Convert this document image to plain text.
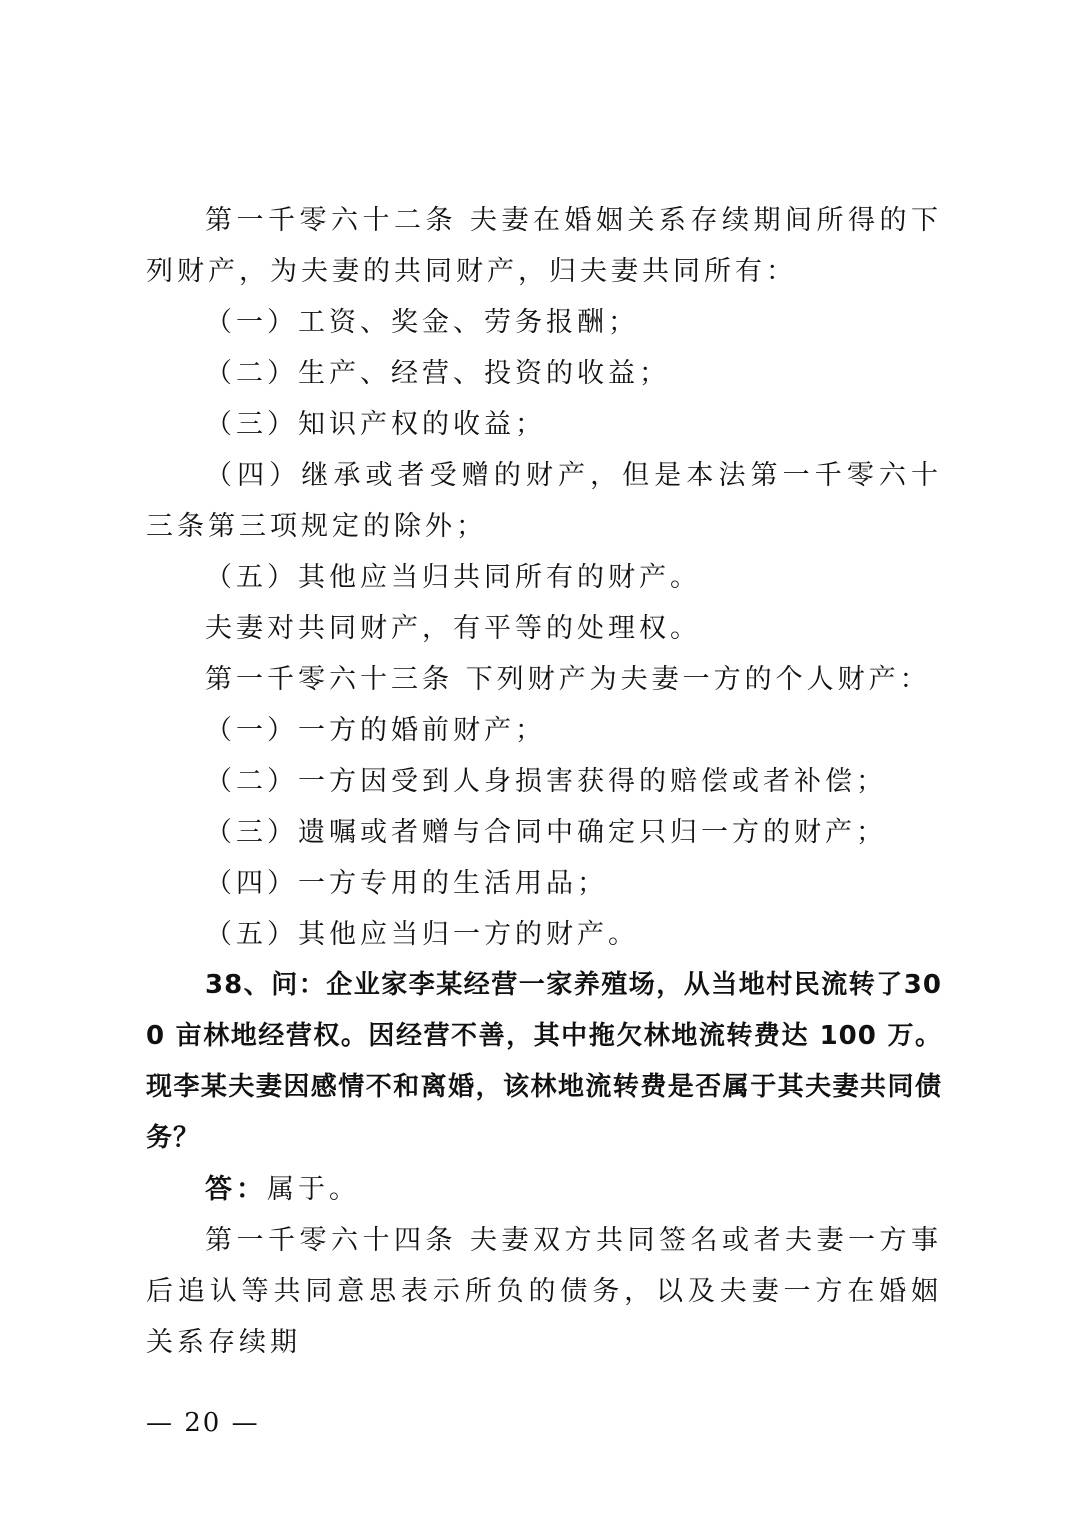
第一千零六十二条 夫妻在婚姻关系存续期间所得的下列财产，为夫妻的共同财产，归夫妻共同所有：

（一）工资、奖金、劳务报酬；

（二）生产、经营、投资的收益；

（三）知识产权的收益；

（四）继承或者受赠的财产，但是本法第一千零六十三条第三项规定的除外；

（五）其他应当归共同所有的财产。

夫妻对共同财产，有平等的处理权。

第一千零六十三条 下列财产为夫妻一方的个人财产：

（一）一方的婚前财产；

（二）一方因受到人身损害获得的赔偿或者补偿；

（三）遗嘱或者赠与合同中确定只归一方的财产；

（四）一方专用的生活用品；

（五）其他应当归一方的财产。

38、问：企业家李某经营一家养殖场，从当地村民流转了300 亩林地经营权。因经营不善，其中拖欠林地流转费达 100 万。现李某夫妻因感情不和离婚，该林地流转费是否属于其夫妻共同债务？

答：属于。

第一千零六十四条 夫妻双方共同签名或者夫妻一方事后追认等共同意思表示所负的债务，以及夫妻一方在婚姻关系存续期

— 20 —
